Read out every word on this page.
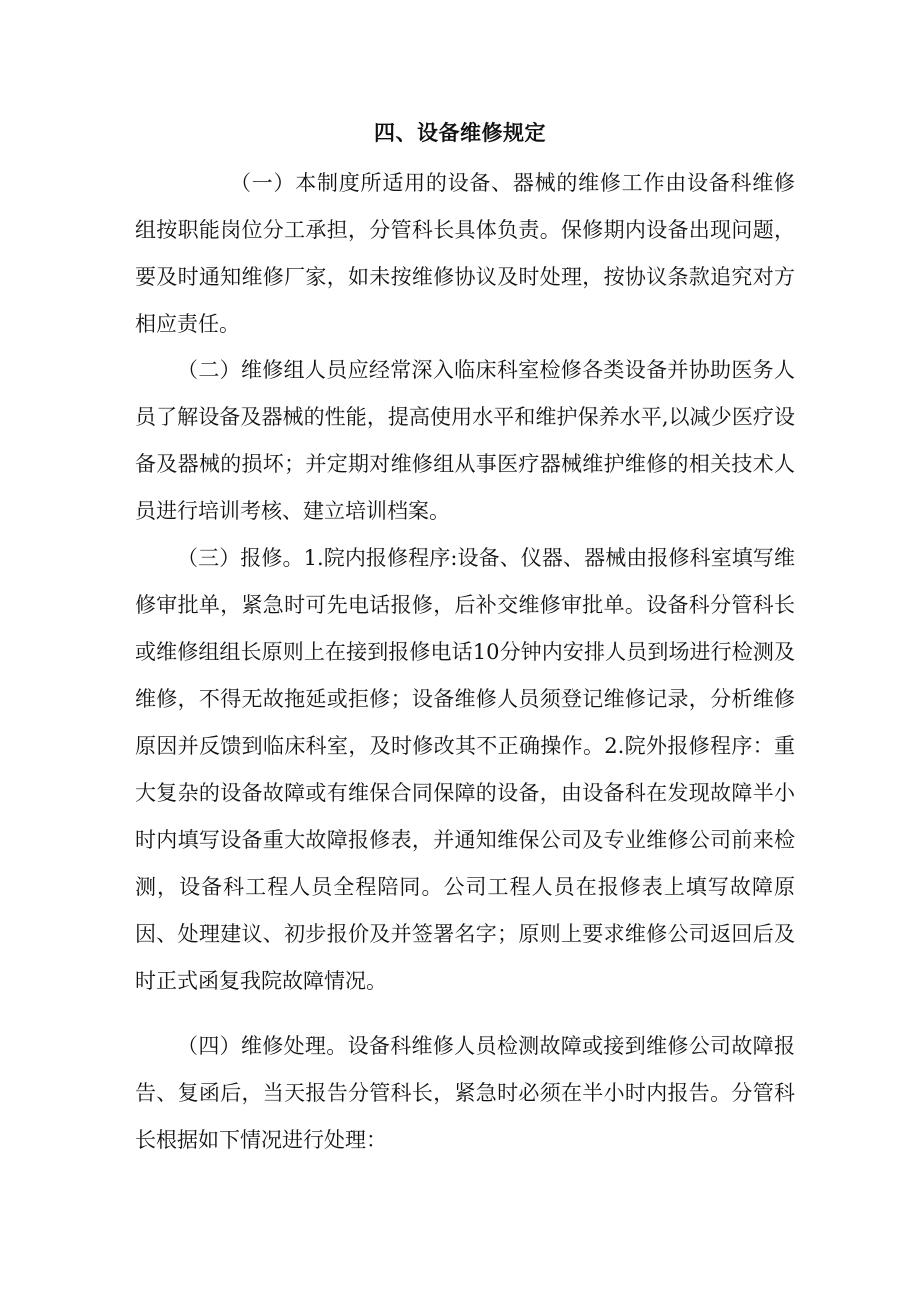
四、设备维修规定

（一）本制度所适用的设备、器械的维修工作由设备科维修组按职能岗位分工承担，分管科长具体负责。保修期内设备出现问题，要及时通知维修厂家，如未按维修协议及时处理，按协议条款追究对方相应责任。

（二）维修组人员应经常深入临床科室检修各类设备并协助医务人员了解设备及器械的性能，提高使用水平和维护保养水平,以减少医疗设备及器械的损坏；并定期对维修组从事医疗器械维护维修的相关技术人员进行培训考核、建立培训档案。

（三）报修。1.院内报修程序:设备、仪器、器械由报修科室填写维修审批单，紧急时可先电话报修，后补交维修审批单。设备科分管科长或维修组组长原则上在接到报修电话10分钟内安排人员到场进行检测及维修，不得无故拖延或拒修；设备维修人员须登记维修记录，分析维修原因并反馈到临床科室，及时修改其不正确操作。2.院外报修程序：重大复杂的设备故障或有维保合同保障的设备，由设备科在发现故障半小时内填写设备重大故障报修表，并通知维保公司及专业维修公司前来检测，设备科工程人员全程陪同。公司工程人员在报修表上填写故障原因、处理建议、初步报价及并签署名字；原则上要求维修公司返回后及时正式函复我院故障情况。

（四）维修处理。设备科维修人员检测故障或接到维修公司故障报告、复函后，当天报告分管科长，紧急时必须在半小时内报告。分管科长根据如下情况进行处理：
